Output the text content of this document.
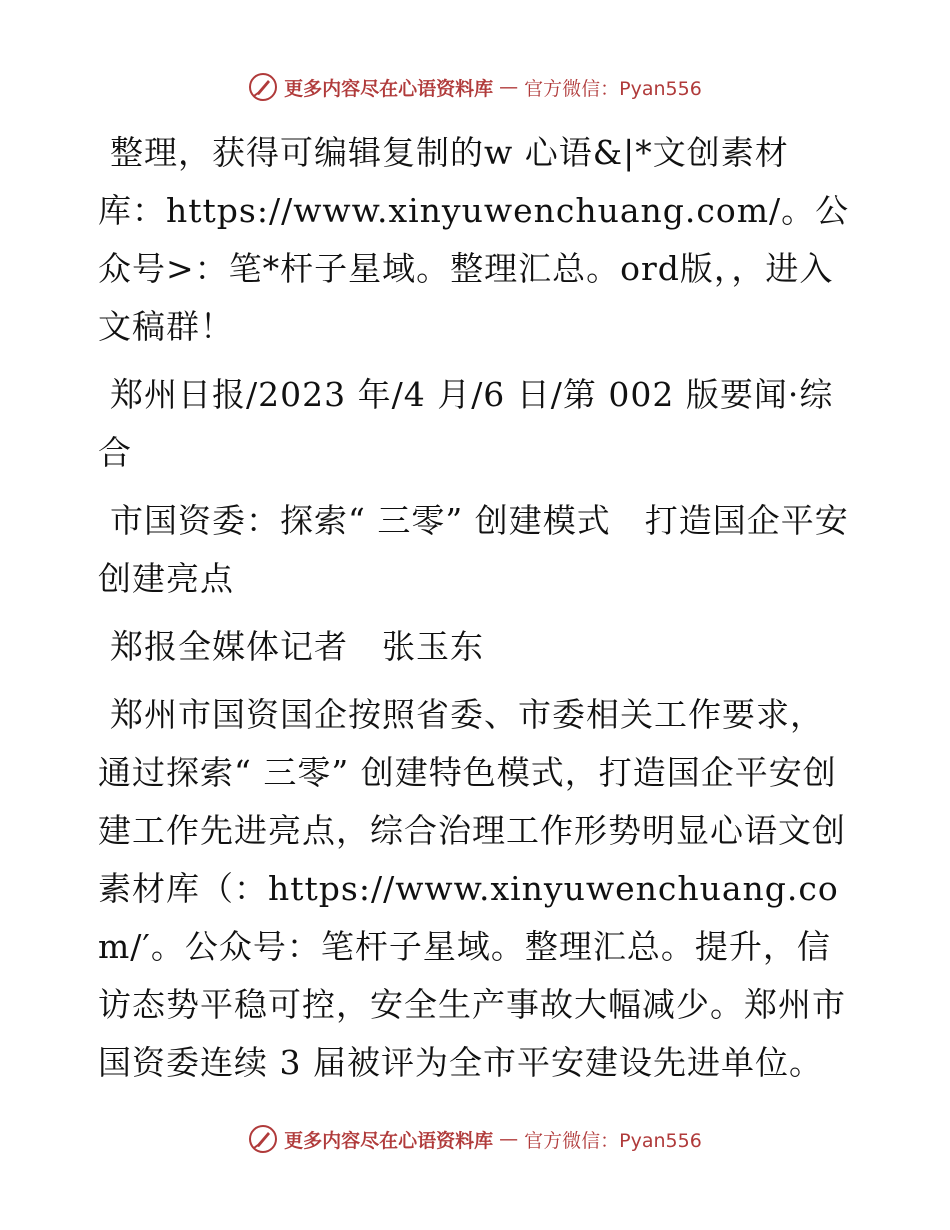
更多内容尽在心语资料库 — 官方微信：Pyan556

整理，获得可编辑复制的w 心语&|*文创素材库：https://www.xinyuwenchuang.com/。公众号>：笔*杆子星域。整理汇总。ord版，，进入文稿群！

郑州日报/2023 年/4 月/6 日/第 002 版要闻·综合

市国资委：探索“ 三零” 创建模式　打造国企平安创建亮点

郑报全媒体记者　张玉东

郑州市国资国企按照省委、市委相关工作要求，通过探索“ 三零” 创建特色模式，打造国企平安创建工作先进亮点，综合治理工作形势明显心语文创素材库（：https://www.xinyuwenchuang.com/′。公众号：笔杆子星域。整理汇总。提升，信访态势平稳可控，安全生产事故大幅减少。郑州市国资委连续 3 届被评为全市平安建设先进单位。

更多内容尽在心语资料库 — 官方微信：Pyan556
